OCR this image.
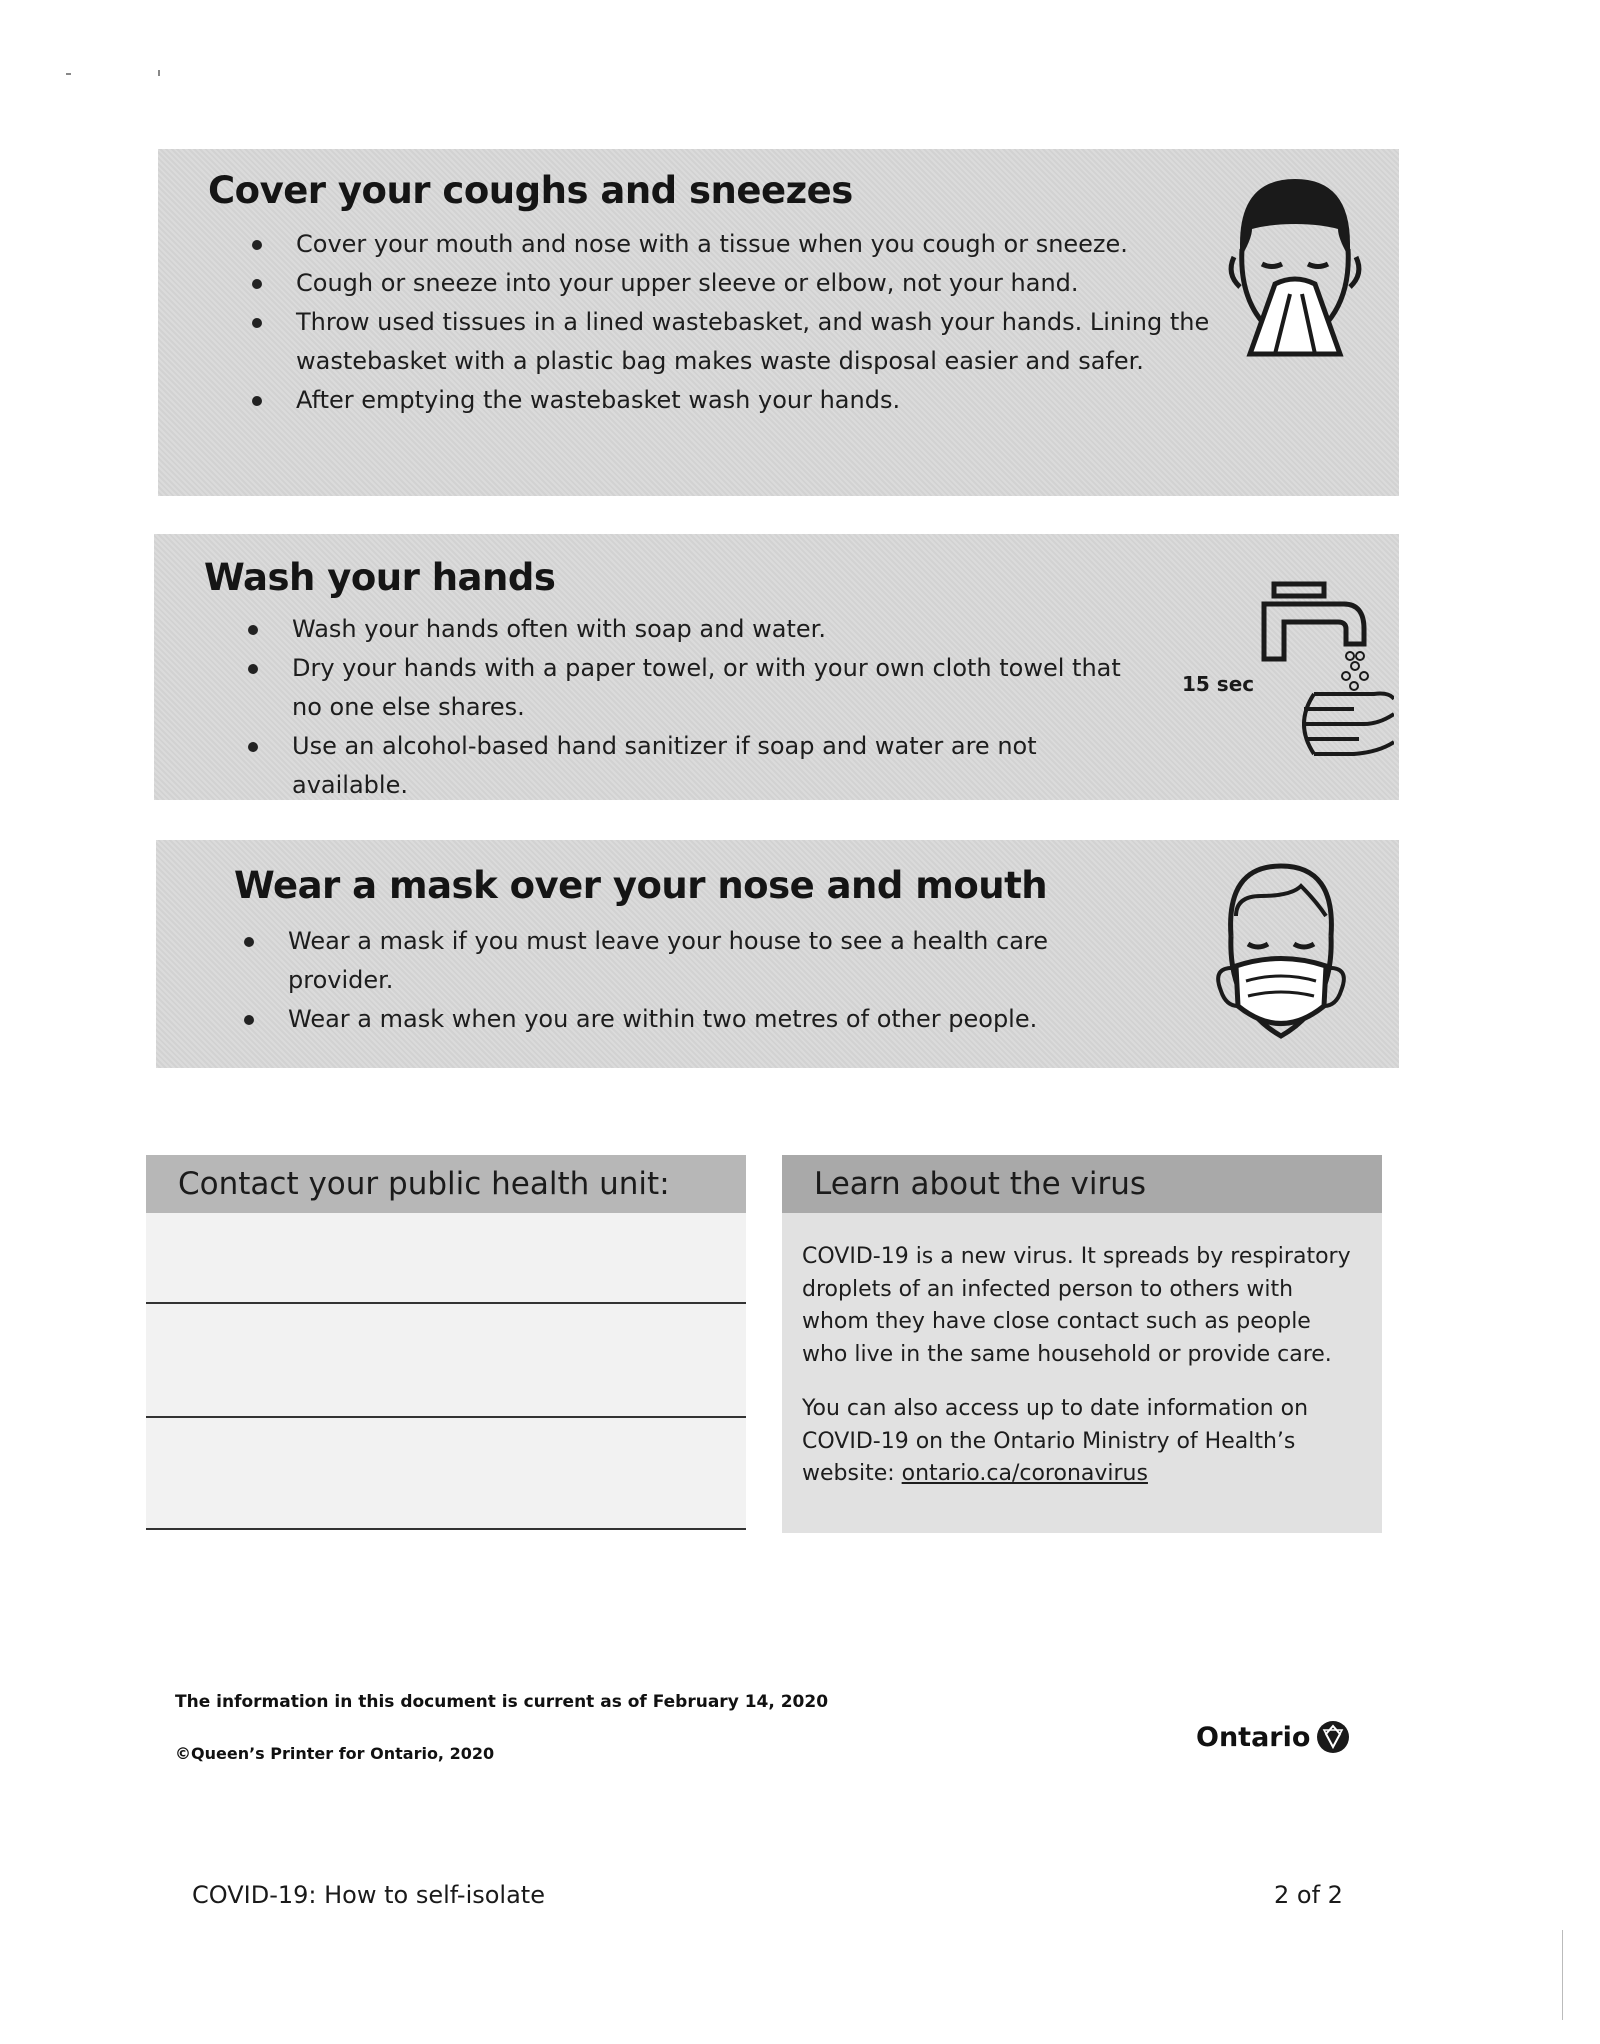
Cover your coughs and sneezes
Cover your mouth and nose with a tissue when you cough or sneeze.
Cough or sneeze into your upper sleeve or elbow, not your hand.
Throw used tissues in a lined wastebasket, and wash your hands. Lining the wastebasket with a plastic bag makes waste disposal easier and safer.
After emptying the wastebasket wash your hands.
Wash your hands
Wash your hands often with soap and water.
Dry your hands with a paper towel, or with your own cloth towel that no one else shares.
Use an alcohol-based hand sanitizer if soap and water are not available.
15 sec
Wear a mask over your nose and mouth
Wear a mask if you must leave your house to see a health care provider.
Wear a mask when you are within two metres of other people.
Contact your public health unit:	Learn about the virus

COVID-19 is a new virus. It spreads by respiratory droplets of an infected person to others with whom they have close contact such as people who live in the same household or provide care.

You can also access up to date information on COVID-19 on the Ontario Ministry of Health’s website: ontario.ca/coronavirus

The information in this document is current as of February 14, 2020
©Queen’s Printer for Ontario, 2020
Ontario
COVID-19: How to self-isolate	2 of 2
